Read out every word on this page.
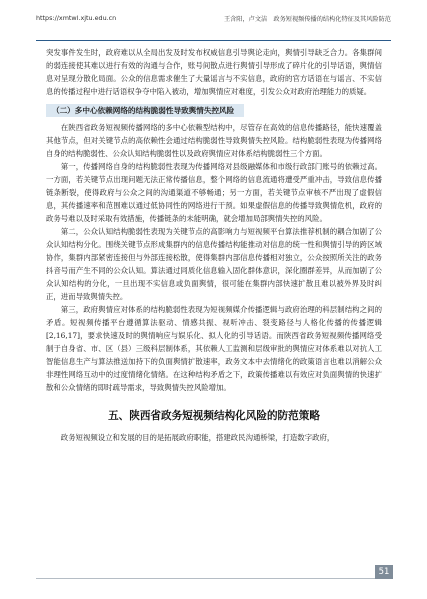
https://xmtwl.xjtu.edu.cn	王含阳，卢文洁　政务短视频传播的结构化特征及其风险防范

突发事件发生时，政府难以从全局出发及时发布权威信息引导舆论走向，舆情引导缺乏合力。各集群间的弱连接使其难以进行有效的沟通与合作，账号间散点进行舆情引导形成了碎片化的引导话语，舆情信息对呈现分散化局面。公众的信息需求催生了大量谣言与不实信息，政府的官方话语在与谣言、不实信息的传播过程中进行话语权争夺中陷入被动，增加舆情应对难度，引发公众对政府治理能力的质疑。

（二）多中心依赖网络的结构脆弱性导致舆情失控风险

在陕西省政务短视频传播网络的多中心依赖型结构中，尽管存在高效的信息传播路径，能快速覆盖其他节点，但对关键节点的高依赖性会通过结构脆弱性导致舆情失控风险。结构脆弱性表现为传播网络自身的结构脆弱性、公众认知结构脆弱性以及政府舆情应对体系结构脆弱性三个方面。

第一，传播网络自身的结构脆弱性表现为传播网络对县级融媒体和市级行政部门账号的依赖过高。一方面，若关键节点出现问题无法正常传播信息，整个网络的信息流通将遭受严重冲击，导致信息传播链条断裂，使得政府与公众之间的沟通渠道不够畅通；另一方面，若关键节点审核不严出现了虚假信息，其传播速率和范围难以通过低协同性的网络进行干预。如果虚假信息的传播导致舆情危机，政府的政务号难以及时采取有效措施，传播链条的未能明确，就会增加局部舆情失控的风险。

第二，公众认知结构脆弱性表现为关键节点的高影响力与短视频平台算法推荐机制的耦合加剧了公众认知结构分化。围绕关键节点形成集群内的信息传播结构能推动对信息的统一性和舆情引导的跨区域协作，集群内部紧密连接但与外部连接松散，使得集群内部信息传播相对独立，公众按照所关注的政务抖音号而产生不同的公众认知。算法通过同质化信息输入固化群体意识，深化圈群差异，从而加剧了公众认知结构的分化，一旦出现不实信息或负面舆情，很可能在集群内部快速扩散且难以被外界及时纠正，进而导致舆情失控。

第三，政府舆情应对体系的结构脆弱性表现为短视频媒介传播逻辑与政府治理的科层制结构之间的矛盾。短视频传播平台遵循算法驱动、情感共振、视听冲击、裂变路径与人格化传播的传播逻辑[2,16,17]，要求快速及时的舆情响应与娱乐化、拟人化的引导话语。而陕西省政务短视频传播网络受制于自身省、市、区（县）三级科层制体系，其依赖人工监测和层级审批的舆情应对体系难以对抗人工智能信息生产与算法推送加持下的负面舆情扩散速率，政务文本中去情绪化的政策语言也难以消解公众非理性网络互动中的过度情绪化情绪。在这种结构矛盾之下，政策传播难以有效应对负面舆情的快速扩散和公众情绪的即时疏导需求，导致舆情失控风险增加。

五、陕西省政务短视频结构化风险的防范策略

政务短视频设立和发展的目的是拓展政府职能，搭建政民沟通桥梁，打造数字政府，

51
